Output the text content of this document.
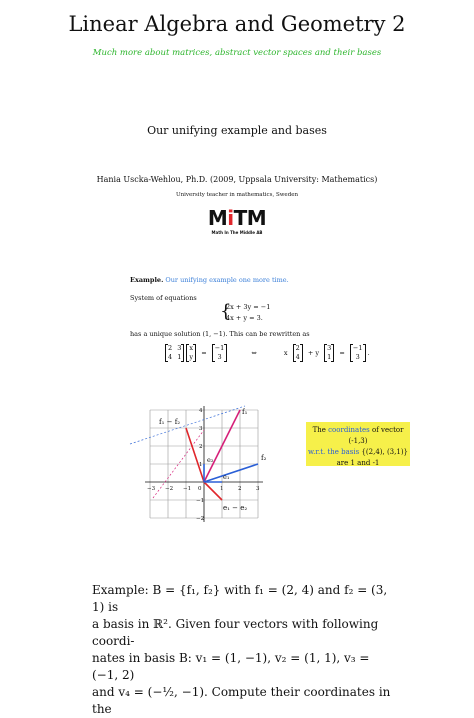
Linear Algebra and Geometry 2
Much more about matrices, abstract vector spaces and their bases
Our unifying example and bases
Hania Uscka-Wehlou, Ph.D. (2009, Uppsala University: Mathematics)
University teacher in mathematics, Sweden
MiTM
Math In The Middle AB
Example. Our unifying example one more time.
System of equations
{
2x + 3y = −1
4x + y = 3.
has a unique solution (1, −1). This can be rewritten as
2 3
4 1

x
y =
−1
3	⇔	x
2
4 + y
3
1 =
−1
3	.
f₁
f₂
f₁ − f₂
e₁ − e₂
e₁
e₂
−3 −2 −1 0	1	2	3
4
3
2
1
−1
−2
The coordinates of vector (-1,3)
w.r.t. the basis {(2,4), (3,1)}
are 1 and -1
Example: B = {f₁, f₂} with f₁ = (2, 4) and f₂ = (3, 1) is
a basis in ℝ². Given four vectors with following coordi-
nates in basis B: v₁ = (1, −1), v₂ = (1, 1), v₃ = (−1, 2)
and v₄ = (−½, −1). Compute their coordinates in the
